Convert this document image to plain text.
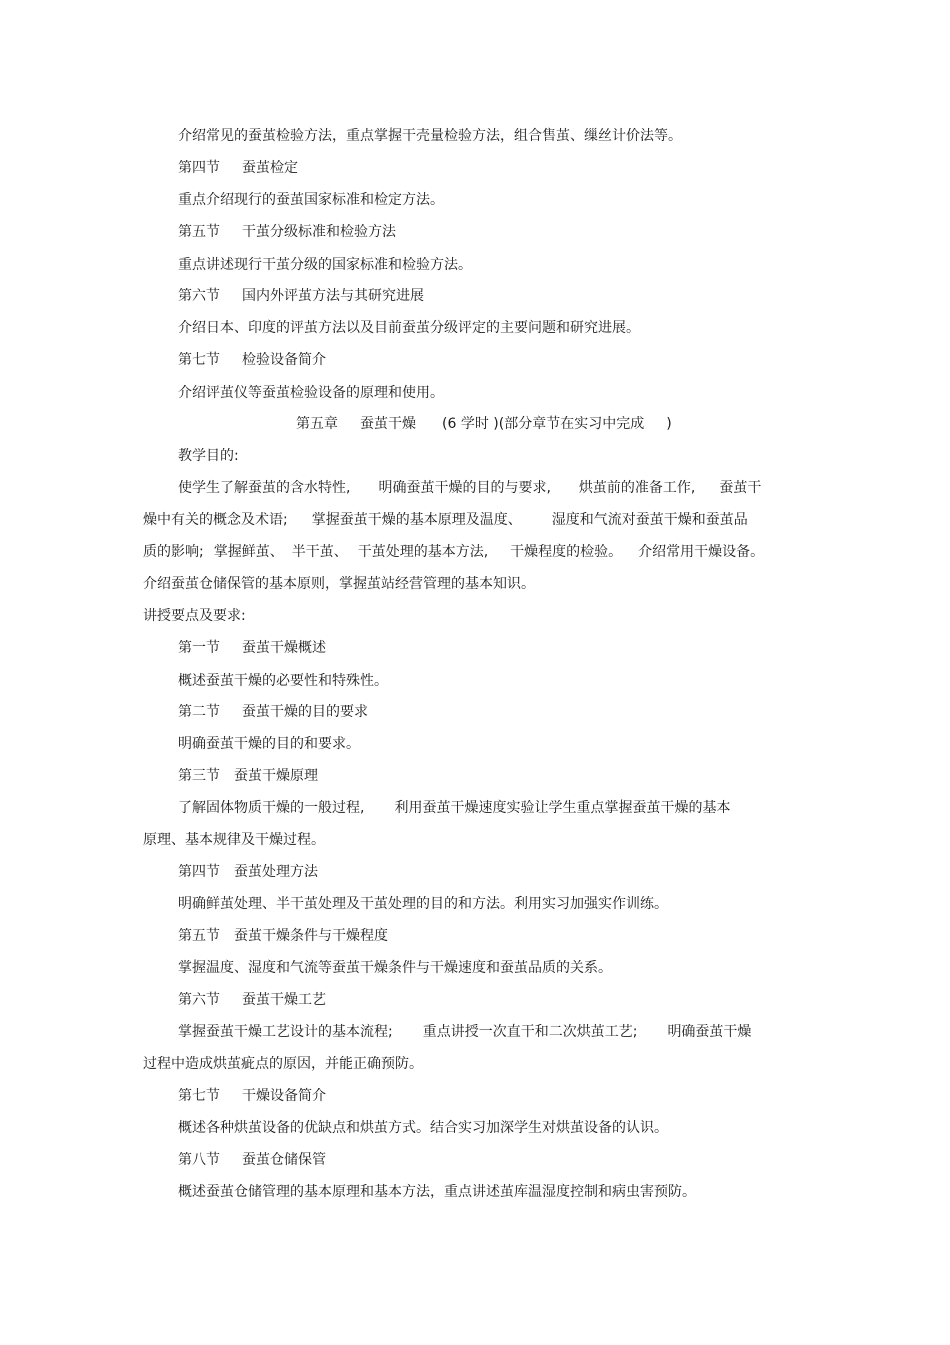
介绍常见的蚕茧检验方法，重点掌握干壳量检验方法，组合售茧、缫丝计价法等。

第四节 蚕茧检定

重点介绍现行的蚕茧国家标准和检定方法。

第五节 干茧分级标准和检验方法

重点讲述现行干茧分级的国家标准和检验方法。

第六节 国内外评茧方法与其研究进展

介绍日本、印度的评茧方法以及目前蚕茧分级评定的主要问题和研究进展。

第七节 检验设备简介

介绍评茧仪等蚕茧检验设备的原理和使用。

第五章 蚕茧干燥 (6 学时 )(部分章节在实习中完成 )

教学目的:

使学生了解蚕茧的含水特性, 明确蚕茧干燥的目的与要求, 烘茧前的准备工作, 蚕茧干

燥中有关的概念及术语; 掌握蚕茧干燥的基本原理及温度、 湿度和气流对蚕茧干燥和蚕茧品

质的影响; 掌握鲜茧、 半干茧、 干茧处理的基本方法, 干燥程度的检验。 介绍常用干燥设备。

介绍蚕茧仓储保管的基本原则，掌握茧站经营管理的基本知识。

讲授要点及要求:

第一节 蚕茧干燥概述

概述蚕茧干燥的必要性和特殊性。

第二节 蚕茧干燥的目的要求

明确蚕茧干燥的目的和要求。

第三节 蚕茧干燥原理

了解固体物质干燥的一般过程, 利用蚕茧干燥速度实验让学生重点掌握蚕茧干燥的基本

原理、基本规律及干燥过程。

第四节 蚕茧处理方法

明确鲜茧处理、半干茧处理及干茧处理的目的和方法。利用实习加强实作训练。

第五节 蚕茧干燥条件与干燥程度

掌握温度、湿度和气流等蚕茧干燥条件与干燥速度和蚕茧品质的关系。

第六节 蚕茧干燥工艺

掌握蚕茧干燥工艺设计的基本流程; 重点讲授一次直干和二次烘茧工艺; 明确蚕茧干燥

过程中造成烘茧疵点的原因，并能正确预防。

第七节 干燥设备简介

概述各种烘茧设备的优缺点和烘茧方式。结合实习加深学生对烘茧设备的认识。

第八节 蚕茧仓储保管

概述蚕茧仓储管理的基本原理和基本方法，重点讲述茧库温湿度控制和病虫害预防。
